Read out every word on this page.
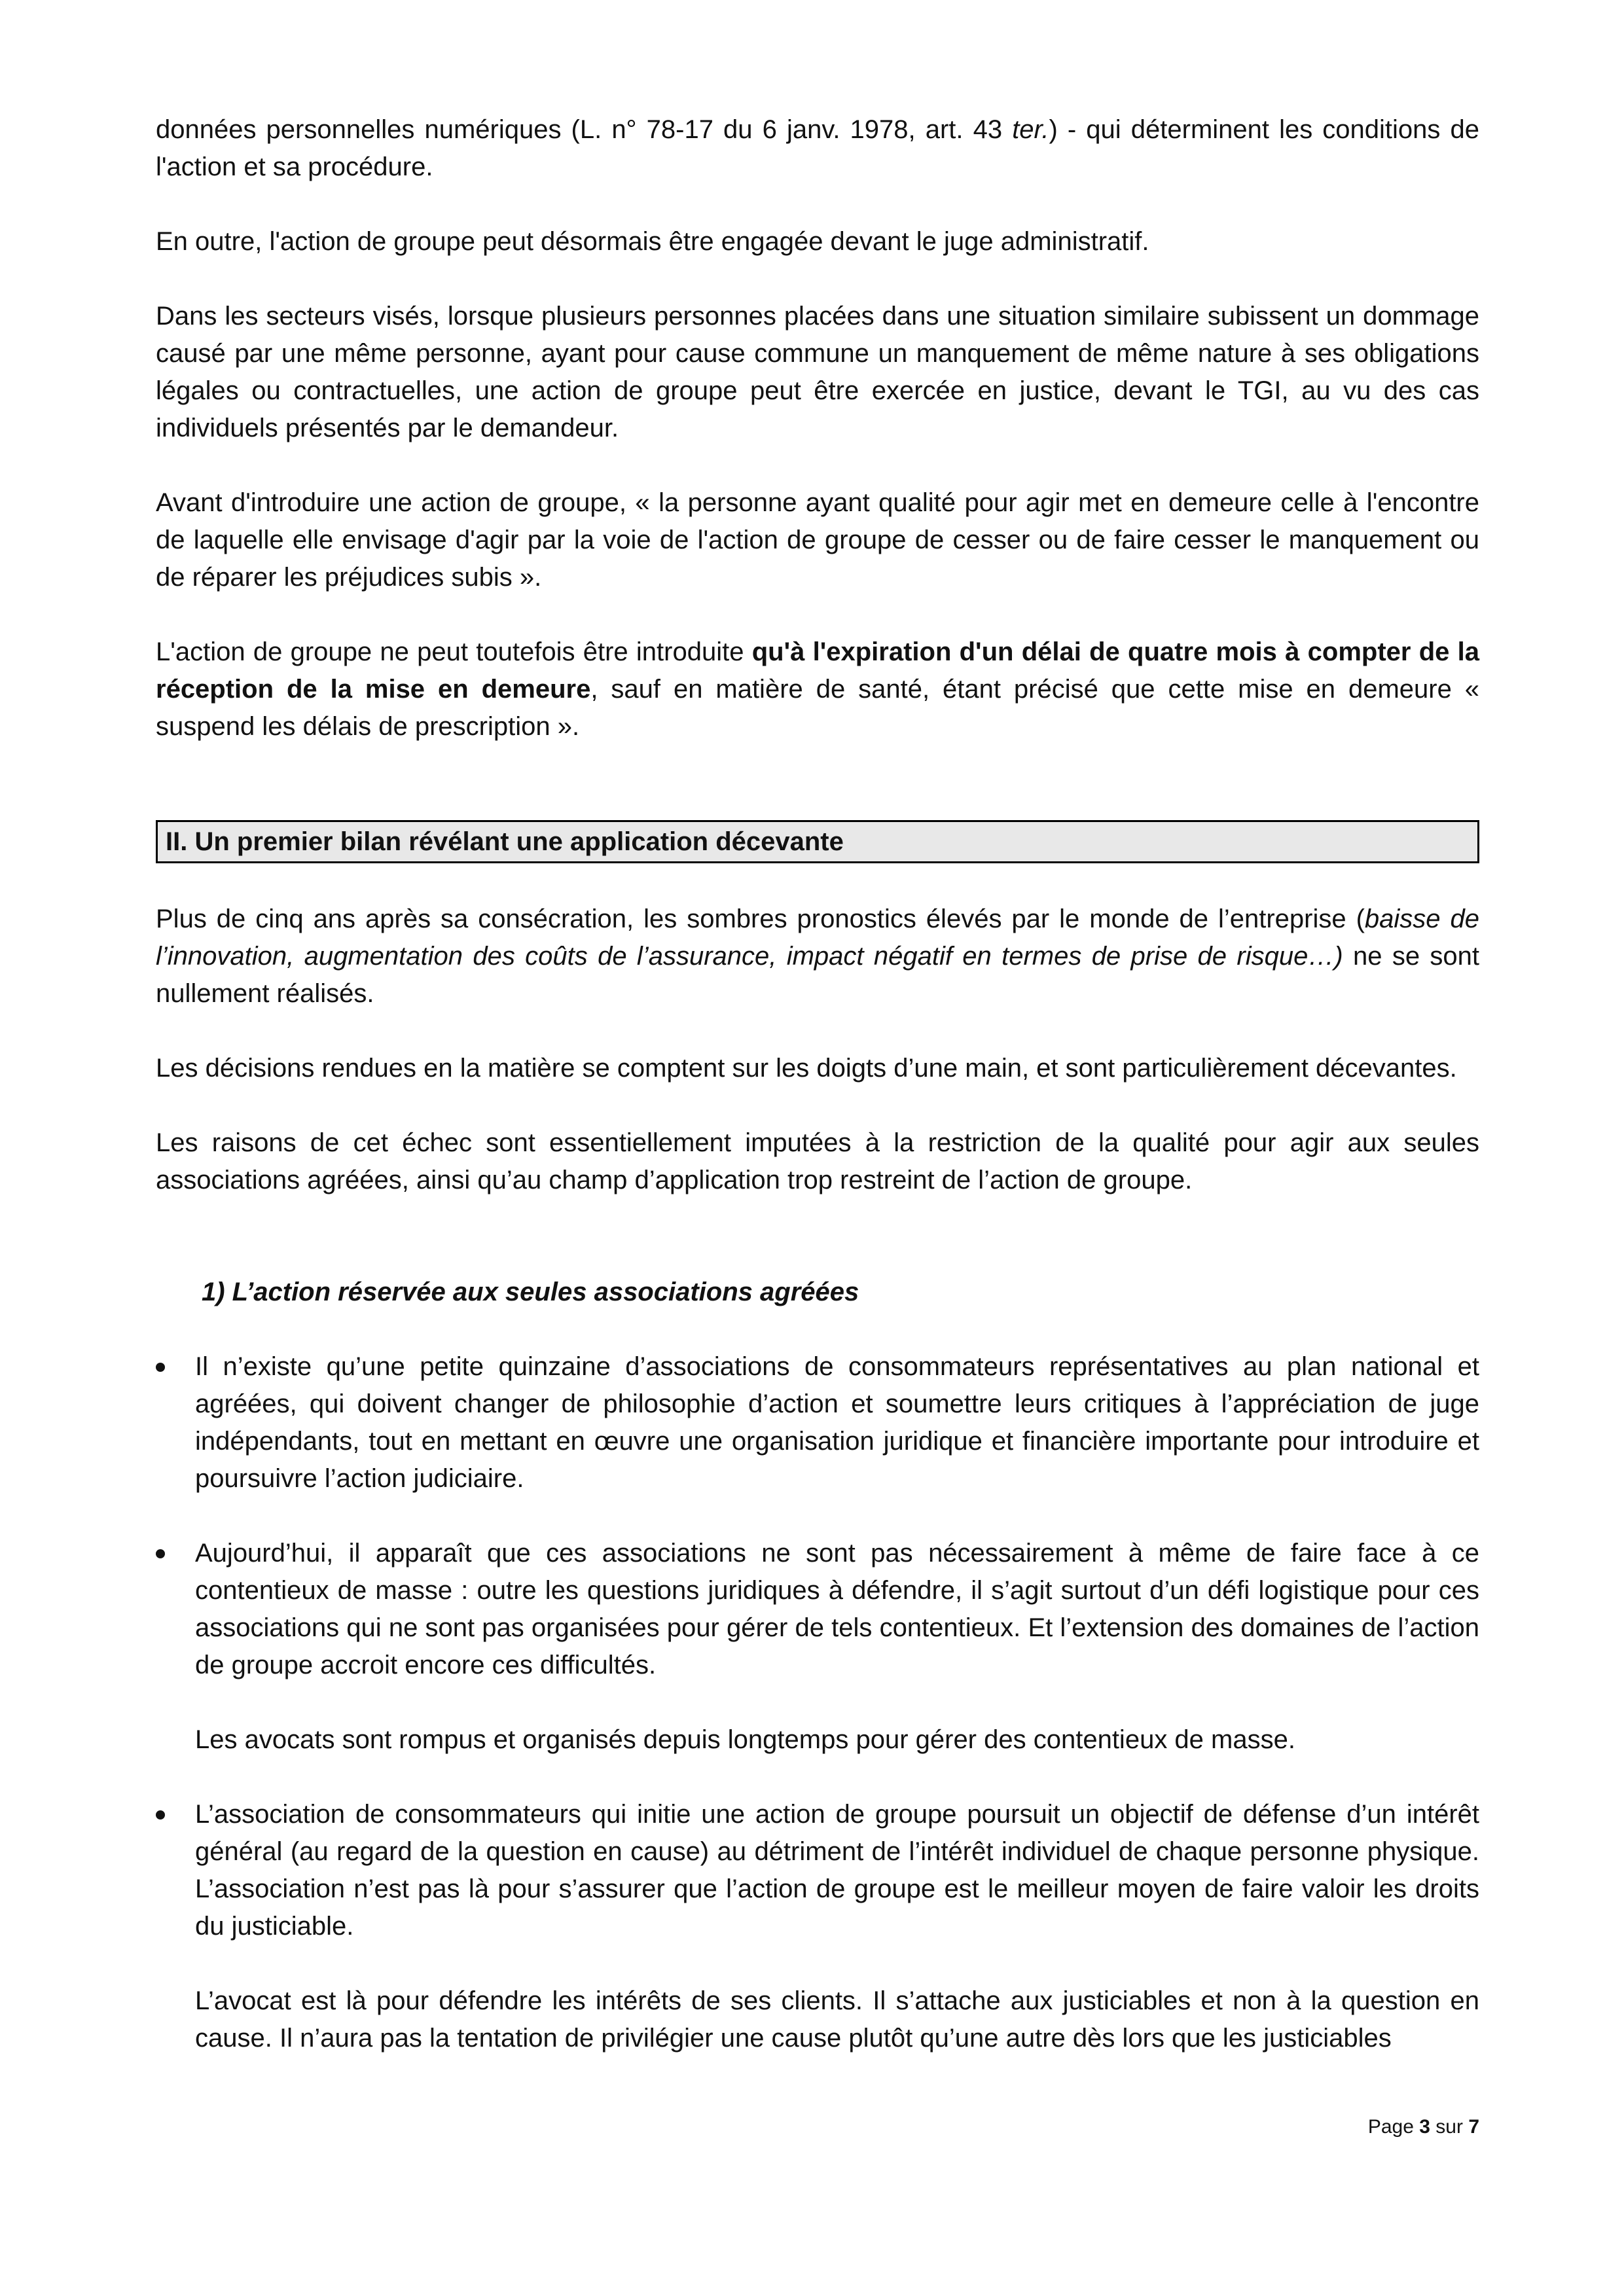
données personnelles numériques (L. n° 78-17 du 6 janv. 1978, art. 43 ter.) - qui déterminent les conditions de l'action et sa procédure.

En outre, l'action de groupe peut désormais être engagée devant le juge administratif.

Dans les secteurs visés, lorsque plusieurs personnes placées dans une situation similaire subissent un dommage causé par une même personne, ayant pour cause commune un manquement de même nature à ses obligations légales ou contractuelles, une action de groupe peut être exercée en justice, devant le TGI, au vu des cas individuels présentés par le demandeur.

Avant d'introduire une action de groupe, « la personne ayant qualité pour agir met en demeure celle à l'encontre de laquelle elle envisage d'agir par la voie de l'action de groupe de cesser ou de faire cesser le manquement ou de réparer les préjudices subis ».

L'action de groupe ne peut toutefois être introduite qu'à l'expiration d'un délai de quatre mois à compter de la réception de la mise en demeure, sauf en matière de santé, étant précisé que cette mise en demeure « suspend les délais de prescription ».

II. Un premier bilan révélant une application décevante

Plus de cinq ans après sa consécration, les sombres pronostics élevés par le monde de l’entreprise (baisse de l’innovation, augmentation des coûts de l’assurance, impact négatif en termes de prise de risque…) ne se sont nullement réalisés.

Les décisions rendues en la matière se comptent sur les doigts d’une main, et sont particulièrement décevantes.

Les raisons de cet échec sont essentiellement imputées à la restriction de la qualité pour agir aux seules associations agréées, ainsi qu’au champ d’application trop restreint de l’action de groupe.

1) L’action réservée aux seules associations agréées

Il n’existe qu’une petite quinzaine d’associations de consommateurs représentatives au plan national et agréées, qui doivent changer de philosophie d’action et soumettre leurs critiques à l’appréciation de juge indépendants, tout en mettant en œuvre une organisation juridique et financière importante pour introduire et poursuivre l’action judiciaire.

Aujourd’hui, il apparaît que ces associations ne sont pas nécessairement à même de faire face à ce contentieux de masse : outre les questions juridiques à défendre, il s’agit surtout d’un défi logistique pour ces associations qui ne sont pas organisées pour gérer de tels contentieux. Et l’extension des domaines de l’action de groupe accroit encore ces difficultés.

Les avocats sont rompus et organisés depuis longtemps pour gérer des contentieux de masse.

L’association de consommateurs qui initie une action de groupe poursuit un objectif de défense d’un intérêt général (au regard de la question en cause) au détriment de l’intérêt individuel de chaque personne physique. L’association n’est pas là pour s’assurer que l’action de groupe est le meilleur moyen de faire valoir les droits du justiciable.

L’avocat est là pour défendre les intérêts de ses clients. Il s’attache aux justiciables et non à la question en cause. Il n’aura pas la tentation de privilégier une cause plutôt qu’une autre dès lors que les justiciables

Page 3 sur 7
